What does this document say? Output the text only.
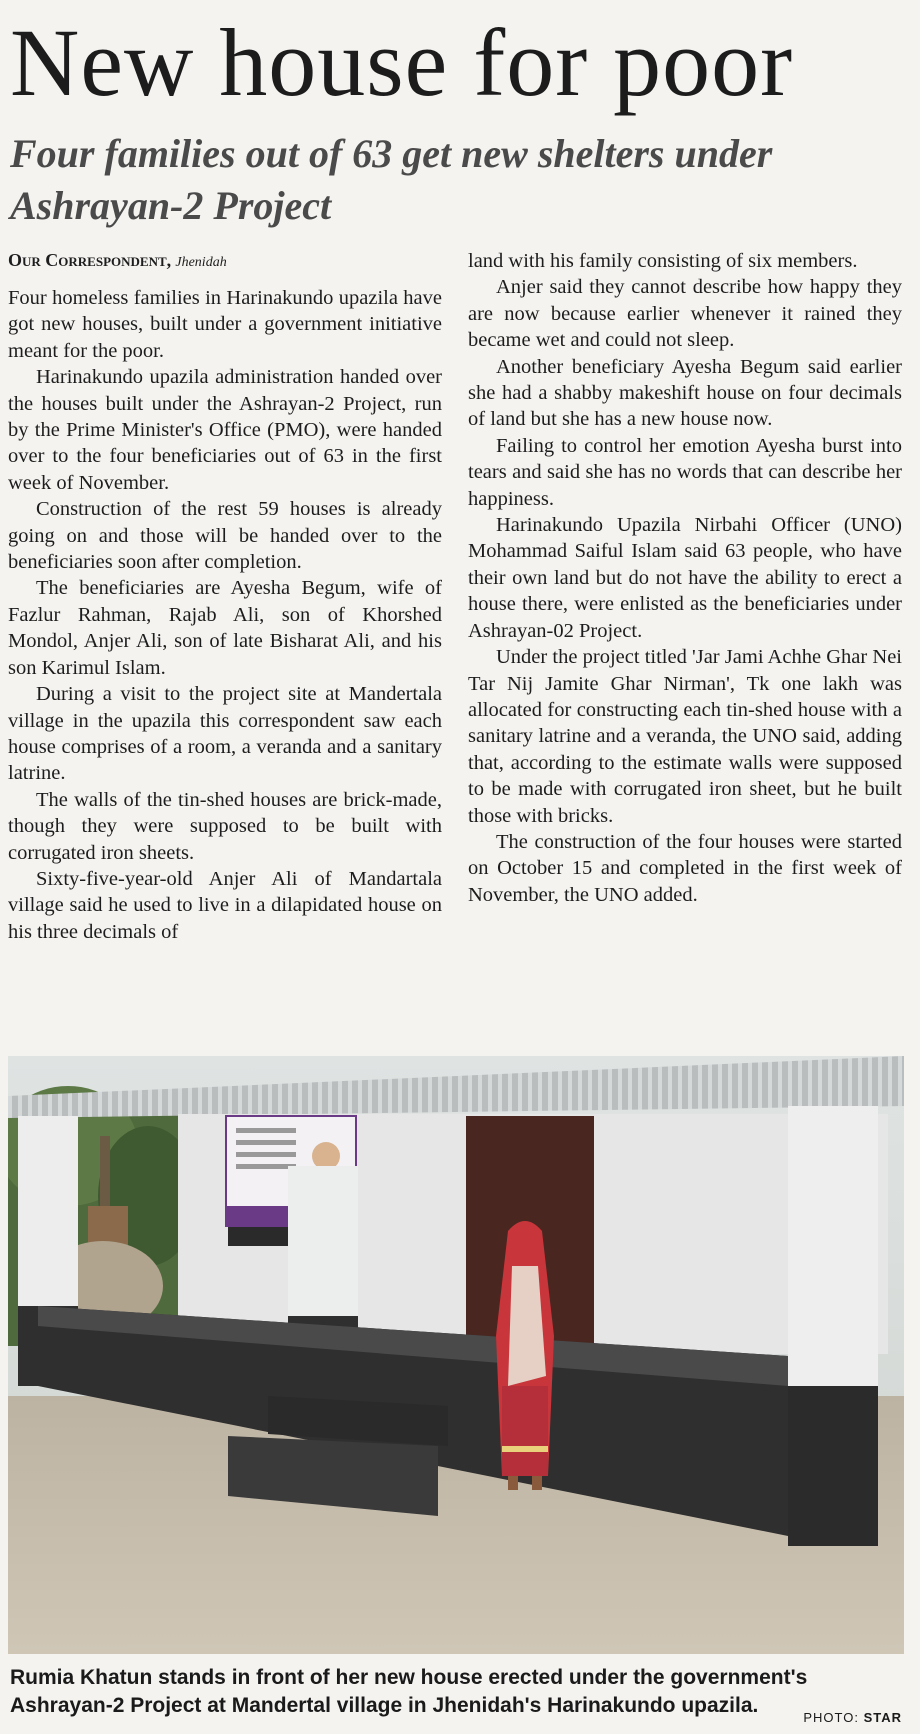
New house for poor
Four families out of 63 get new shelters under Ashrayan-2 Project
Our Correspondent, Jhenidah

Four homeless families in Harinakundo upazila have got new houses, built under a government initiative meant for the poor.

Harinakundo upazila administration handed over the houses built under the Ashrayan-2 Project, run by the Prime Minister's Office (PMO), were handed over to the four beneficiaries out of 63 in the first week of November.

Construction of the rest 59 houses is already going on and those will be handed over to the beneficiaries soon after completion.

The beneficiaries are Ayesha Begum, wife of Fazlur Rahman, Rajab Ali, son of Khorshed Mondol, Anjer Ali, son of late Bisharat Ali, and his son Karimul Islam.

During a visit to the project site at Mandertala village in the upazila this correspondent saw each house comprises of a room, a veranda and a sanitary latrine.

The walls of the tin-shed houses are brick-made, though they were supposed to be built with corrugated iron sheets.

Sixty-five-year-old Anjer Ali of Mandartala village said he used to live in a dilapidated house on his three decimals of

land with his family consisting of six members.

Anjer said they cannot describe how happy they are now because earlier whenever it rained they became wet and could not sleep.

Another beneficiary Ayesha Begum said earlier she had a shabby makeshift house on four decimals of land but she has a new house now.

Failing to control her emotion Ayesha burst into tears and said she has no words that can describe her happiness.

Harinakundo Upazila Nirbahi Officer (UNO) Mohammad Saiful Islam said 63 people, who have their own land but do not have the ability to erect a house there, were enlisted as the beneficiaries under Ashrayan-02 Project.

Under the project titled 'Jar Jami Achhe Ghar Nei Tar Nij Jamite Ghar Nirman', Tk one lakh was allocated for constructing each tin-shed house with a sanitary latrine and a veranda, the UNO said, adding that, according to the estimate walls were supposed to be made with corrugated iron sheet, but he built those with bricks.

The construction of the four houses were started on October 15 and completed in the first week of November, the UNO added.

Rumia Khatun stands in front of her new house erected under the government's Ashrayan-2 Project at Mandertal village in Jhenidah's Harinakundo upazila.
PHOTO: STAR
